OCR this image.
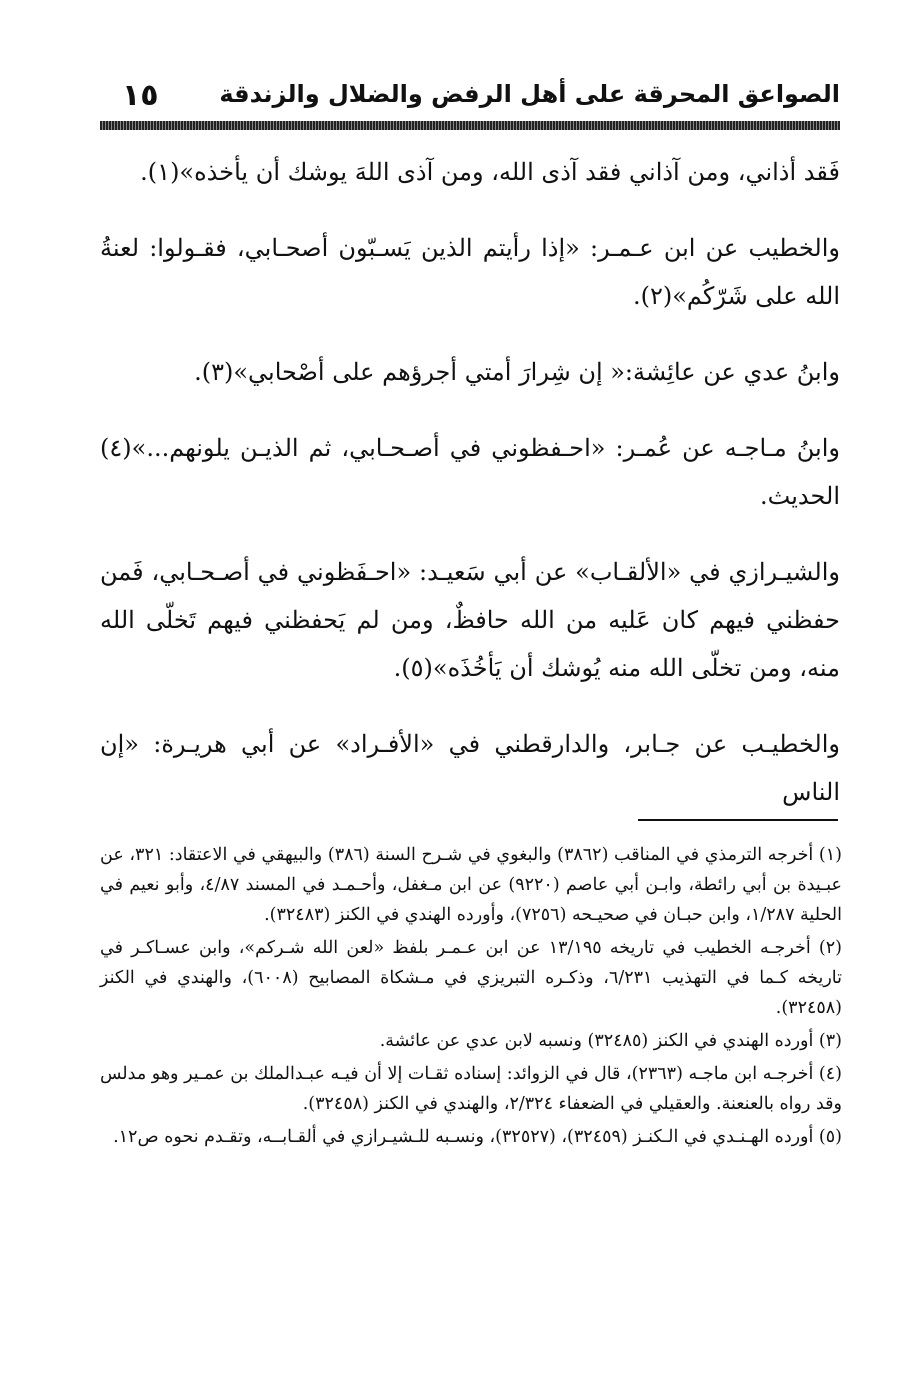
الصواعق المحرقة على أهل الرفض والضلال والزندقة
١٥

فَقد أذاني، ومن آذاني فقد آذى الله، ومن آذى اللهَ يوشك أن يأخذه»(١).

والخطيب عن ابن عـمـر: «إذا رأيتم الذين يَسـبّون أصحـابي، فقـولوا: لعنةُ الله على شَرّكُم»(٢).

وابنُ عدي عن عائِشة:« إن شِرارَ أمتي أجرؤهم على أصْحابي»(٣).

وابنُ مـاجـه عن عُمـر: «احـفظوني في أصـحـابي، ثم الذيـن يلونهم...»(٤) الحديث.

والشيـرازي في «الألقـاب» عن أبي سَعيـد: «احـفَظوني في أصـحـابي، فَمن حفظني فيهم كان عَليه من الله حافظٌ، ومن لم يَحفظني فيهم تَخلّى الله منه، ومن تخلّى الله منه يُوشك أن يَأخُذَه»(٥).

والخطيـب عن جـابر، والدارقطني في «الأفـراد» عن أبي هريـرة: «إن الناس

(١) أخرجه الترمذي في المناقب (٣٨٦٢) والبغوي في شـرح السنة (٣٨٦) والبيهقي في الاعتقاد: ٣٢١، عن عبـيدة بن أبي رائطة، وابـن أبي عاصم (٩٢٢٠) عن ابن مـغفل، وأحـمـد في المسند ٤/٨٧، وأبو نعيم في الحلية ١/٢٨٧، وابن حبـان في صحيـحه (٧٢٥٦)، وأورده الهندي في الكنز (٣٢٤٨٣).

(٢) أخرجـه الخطيب في تاريخه ١٣/١٩٥ عن ابن عـمـر بلفظ «لعن الله شـركم»، وابن عسـاكـر في تاريخه كـما في التهذيب ٦/٢٣١، وذكـره التبريزي في مـشكاة المصابيح (٦٠٠٨)، والهندي في الكنز (٣٢٤٥٨).

(٣) أورده الهندي في الكنز (٣٢٤٨٥) ونسبه لابن عدي عن عائشة.

(٤) أخرجـه ابن ماجـه (٢٣٦٣)، قال في الزوائد: إسناده ثقـات إلا أن فيـه عبـدالملك بن عمـير وهو مدلس وقد رواه بالعنعنة. والعقيلي في الضعفاء ٢/٣٢٤، والهندي في الكنز (٣٢٤٥٨).

(٥) أورده الهـنـدي في الـكنـز (٣٢٤٥٩)، (٣٢٥٢٧)، ونسـبه للـشيـرازي في ألقـابــه، وتقـدم نحوه ص١٢.
